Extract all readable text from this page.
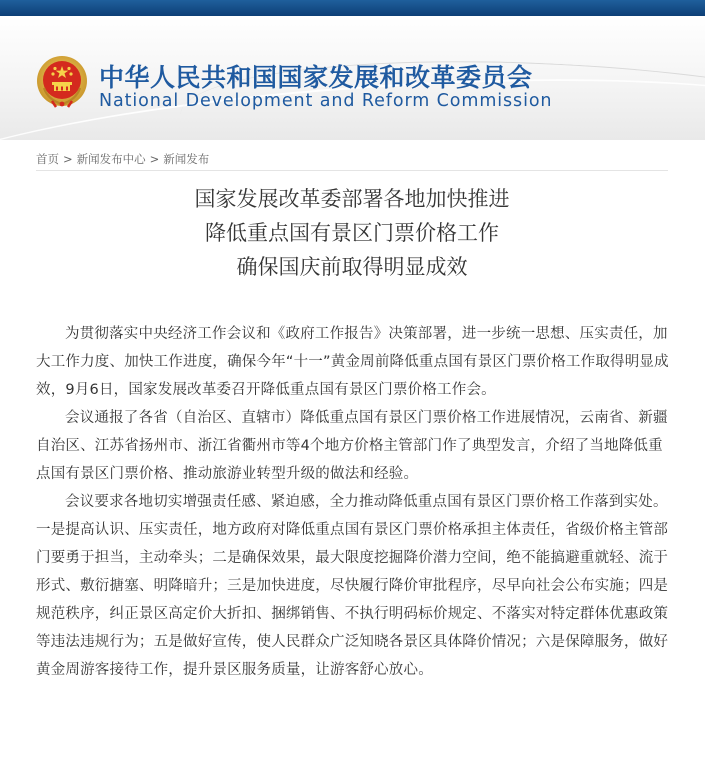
中华人民共和国国家发展和改革委员会
National Development and Reform Commission
首页 > 新闻发布中心 > 新闻发布
国家发展改革委部署各地加快推进
降低重点国有景区门票价格工作
确保国庆前取得明显成效

为贯彻落实中央经济工作会议和《政府工作报告》决策部署，进一步统一思想、压实责任，加大工作力度、加快工作进度，确保今年“十一”黄金周前降低重点国有景区门票价格工作取得明显成效，9月6日，国家发展改革委召开降低重点国有景区门票价格工作会。

会议通报了各省（自治区、直辖市）降低重点国有景区门票价格工作进展情况，云南省、新疆自治区、江苏省扬州市、浙江省衢州市等4个地方价格主管部门作了典型发言，介绍了当地降低重点国有景区门票价格、推动旅游业转型升级的做法和经验。

会议要求各地切实增强责任感、紧迫感，全力推动降低重点国有景区门票价格工作落到实处。一是提高认识、压实责任，地方政府对降低重点国有景区门票价格承担主体责任，省级价格主管部门要勇于担当，主动牵头；二是确保效果，最大限度挖掘降价潜力空间，绝不能搞避重就轻、流于形式、敷衍搪塞、明降暗升；三是加快进度，尽快履行降价审批程序，尽早向社会公布实施；四是规范秩序，纠正景区高定价大折扣、捆绑销售、不执行明码标价规定、不落实对特定群体优惠政策等违法违规行为；五是做好宣传，使人民群众广泛知晓各景区具体降价情况；六是保障服务，做好黄金周游客接待工作，提升景区服务质量，让游客舒心放心。
